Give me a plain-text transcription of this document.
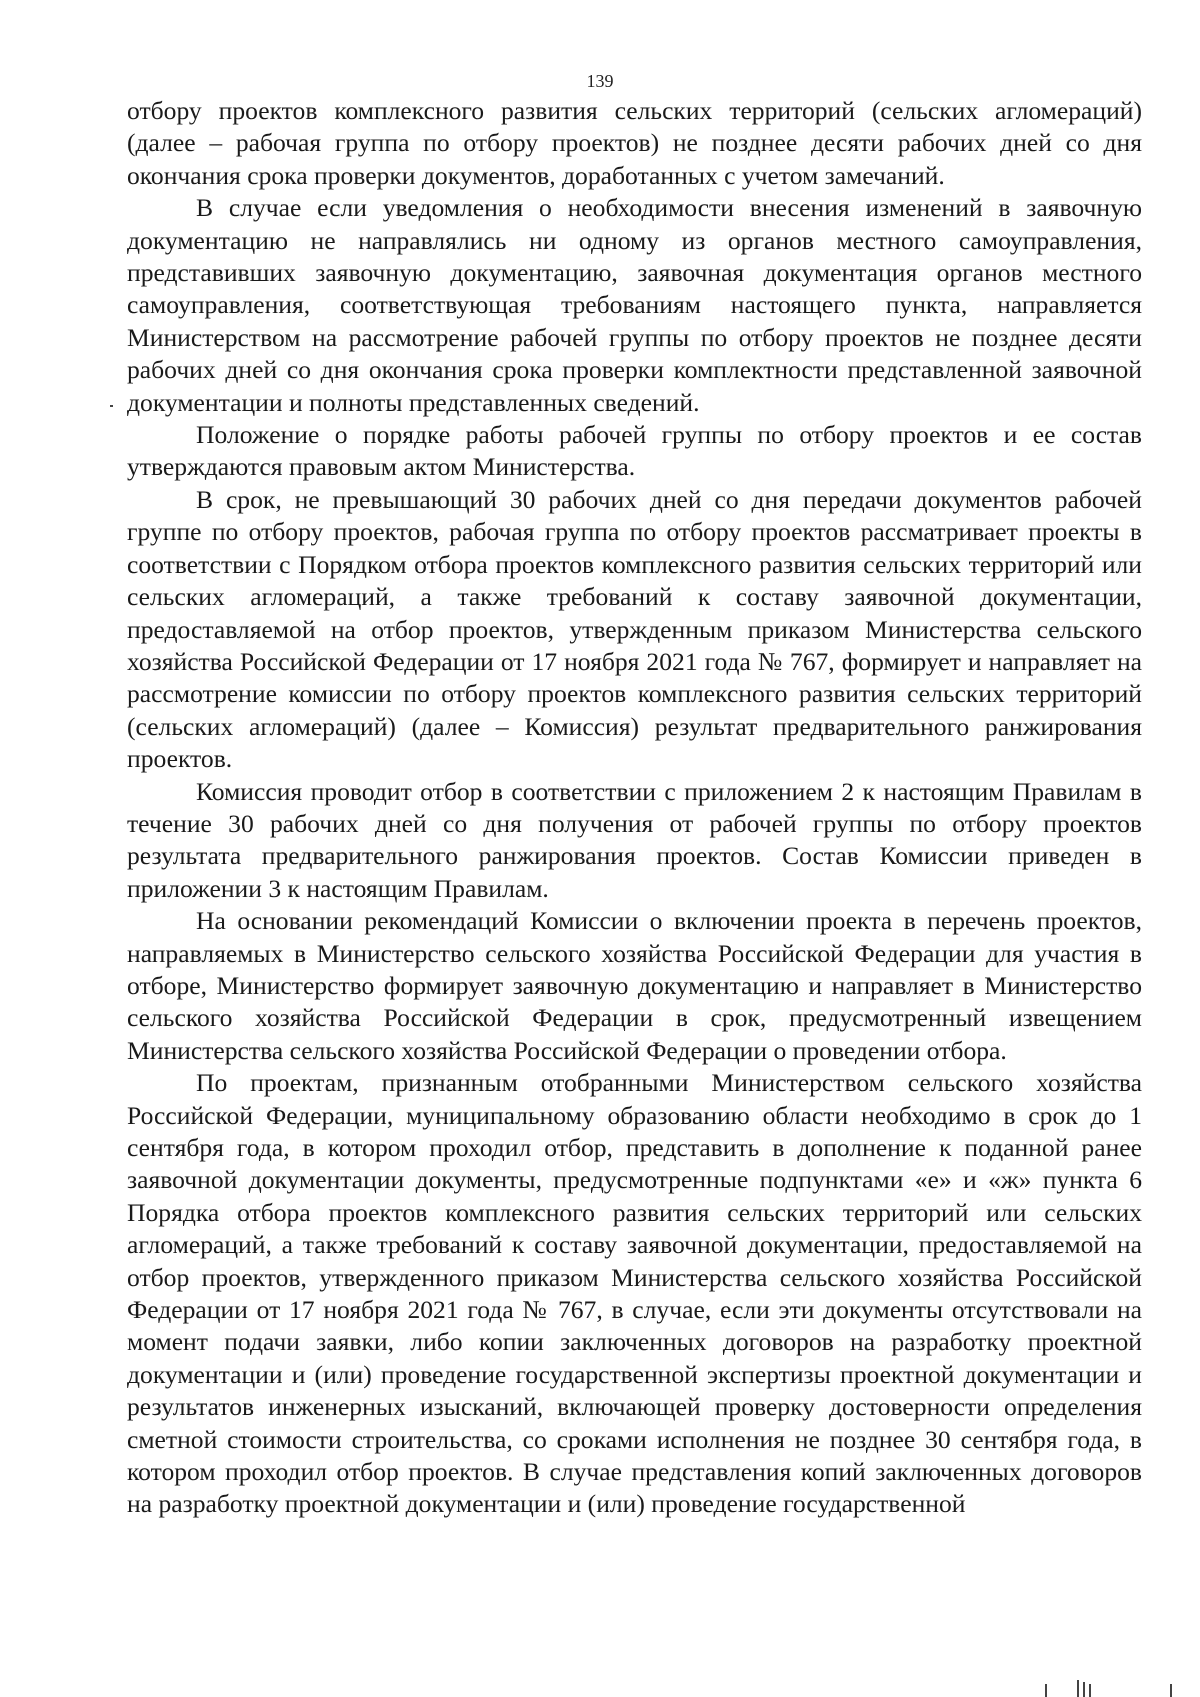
139

отбору проектов комплексного развития сельских территорий (сельских агломераций) (далее – рабочая группа по отбору проектов) не позднее десяти рабочих дней со дня окончания срока проверки документов, доработанных с учетом замечаний.

В случае если уведомления о необходимости внесения изменений в заявочную документацию не направлялись ни одному из органов местного самоуправления, представивших заявочную документацию, заявочная документация органов местного самоуправления, соответствующая требованиям настоящего пункта, направляется Министерством на рассмотрение рабочей группы по отбору проектов не позднее десяти рабочих дней со дня окончания срока проверки комплектности представленной заявочной документации и полноты представленных сведений.

Положение о порядке работы рабочей группы по отбору проектов и ее состав утверждаются правовым актом Министерства.

В срок, не превышающий 30 рабочих дней со дня передачи документов рабочей группе по отбору проектов, рабочая группа по отбору проектов рассматривает проекты в соответствии с Порядком отбора проектов комплексного развития сельских территорий или сельских агломераций, а также требований к составу заявочной документации, предоставляемой на отбор проектов, утвержденным приказом Министерства сельского хозяйства Российской Федерации от 17 ноября 2021 года № 767, формирует и направляет на рассмотрение комиссии по отбору проектов комплексного развития сельских территорий (сельских агломераций) (далее – Комиссия) результат предварительного ранжирования проектов.

Комиссия проводит отбор в соответствии с приложением 2 к настоящим Правилам в течение 30 рабочих дней со дня получения от рабочей группы по отбору проектов результата предварительного ранжирования проектов. Состав Комиссии приведен в приложении 3 к настоящим Правилам.

На основании рекомендаций Комиссии о включении проекта в перечень проектов, направляемых в Министерство сельского хозяйства Российской Федерации для участия в отборе, Министерство формирует заявочную документацию и направляет в Министерство сельского хозяйства Российской Федерации в срок, предусмотренный извещением Министерства сельского хозяйства Российской Федерации о проведении отбора.

По проектам, признанным отобранными Министерством сельского хозяйства Российской Федерации, муниципальному образованию области необходимо в срок до 1 сентября года, в котором проходил отбор, представить в дополнение к поданной ранее заявочной документации документы, предусмотренные подпунктами «е» и «ж» пункта 6 Порядка отбора проектов комплексного развития сельских территорий или сельских агломераций, а также требований к составу заявочной документации, предоставляемой на отбор проектов, утвержденного приказом Министерства сельского хозяйства Российской Федерации от 17 ноября 2021 года № 767, в случае, если эти документы отсутствовали на момент подачи заявки, либо копии заключенных договоров на разработку проектной документации и (или) проведение государственной экспертизы проектной документации и результатов инженерных изысканий, включающей проверку достоверности определения сметной стоимости строительства, со сроками исполнения не позднее 30 сентября года, в котором проходил отбор проектов. В случае представления копий заключенных договоров на разработку проектной документации и (или) проведение государственной
